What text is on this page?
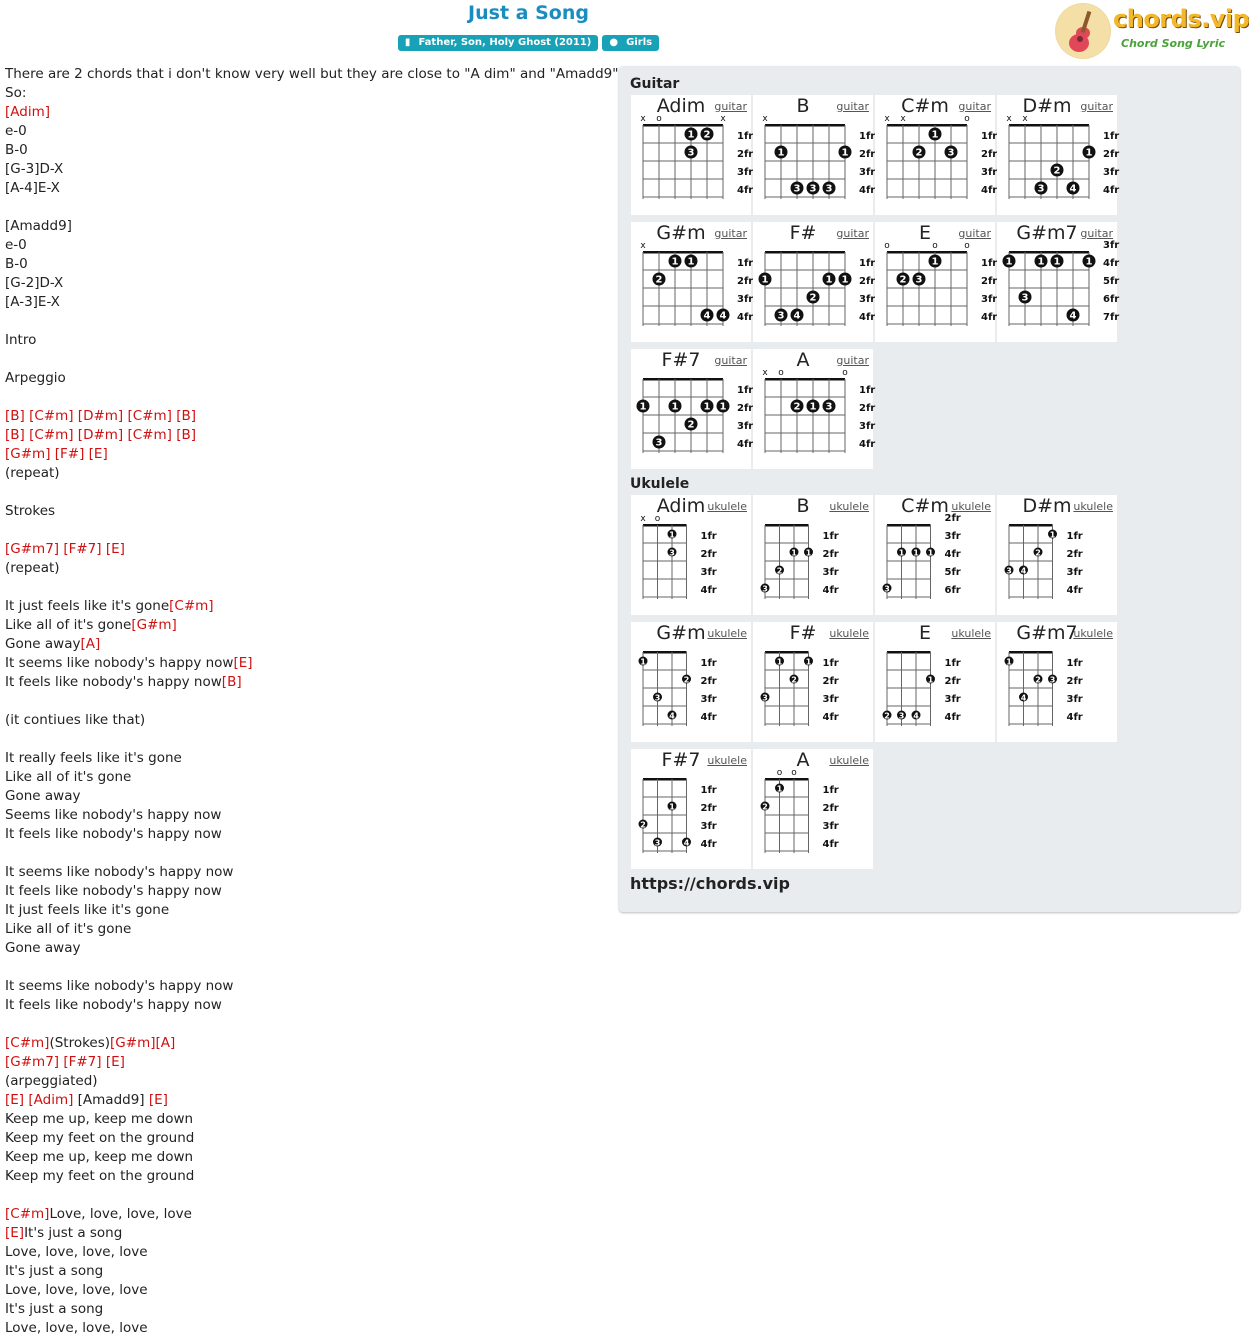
Just a Song
▮ Father, Son, Holy Ghost (2011) ● Girls
chords.vip
Chord Song Lyric
There are 2 chords that i don't know very well but they are close to "A dim" and "Amadd9"
So:
[Adim]
e-0
B-0
[G-3]D-X
[A-4]E-X
[Amadd9]
e-0
B-0
[G-2]D-X
[A-3]E-X
Intro
Arpeggio
[B] [C#m] [D#m] [C#m] [B]
[B] [C#m] [D#m] [C#m] [B]
[G#m] [F#] [E]
(repeat)
Strokes
[G#m7] [F#7] [E]
(repeat)
It just feels like it's gone[C#m]
Like all of it's gone[G#m]
Gone away[A]
It seems like nobody's happy now[E]
It feels like nobody's happy now[B]
(it contiues like that)
It really feels like it's gone
Like all of it's gone
Gone away
Seems like nobody's happy now
It feels like nobody's happy now
It seems like nobody's happy now
It feels like nobody's happy now
It just feels like it's gone
Like all of it's gone
Gone away
It seems like nobody's happy now
It feels like nobody's happy now
[C#m](Strokes)[G#m][A]
[G#m7] [F#7] [E]
(arpeggiated)
[E] [Adim] [Amadd9] [E]
Keep me up, keep me down
Keep my feet on the ground
Keep me up, keep me down
Keep my feet on the ground
[C#m]Love, love, love, love
[E]It's just a song
Love, love, love, love
It's just a song
Love, love, love, love
It's just a song
Love, love, love, love
Guitar
Adim guitar
x o	x
1fr
2fr
3fr
4fr
1 2
3
B	guitar
x
1fr
2fr
3fr
4fr
1	1
3 3 3
C#m guitar
x x	o
1fr
2fr
3fr
4fr
1
2	3
D#m guitar
x x
1fr
2fr
3fr
4fr
1
2
3	4
G#m guitar
x
1fr
2fr
3fr
4fr
1 1
2
4 4
F#	guitar
1fr
2fr
3fr
4fr
1	1 1
2
3 4
E	guitar
o	o	o
1fr
2fr
3fr
4fr
1
2 3
G#m7 guitar
3fr
4fr
5fr
6fr
7fr
1	1 1	1
3
4
F#7	guitar
1fr
2fr
3fr
4fr
1	1	1 1
2
3
A	guitar
x o	o
1fr
2fr
3fr
4fr
2 1 3
Ukulele
Adim ukulele
x o
1fr
2fr
3fr
4fr
1
3
B	ukulele
1fr
2fr
3fr
4fr
1 1
2
3
C#m ukulele
2fr
3fr
4fr
5fr
6fr
1 1 1
3
D#m ukulele
1fr
2fr
3fr
4fr
1
2
3 4
G#m ukulele
1fr
2fr
3fr
4fr
1
2
3
4
F#	ukulele
1fr
2fr
3fr
4fr
1	1
2
3
E	ukulele
1fr
2fr
3fr
4fr
1
2 3 4
G#m7
ukulele
1fr
2fr
3fr
4fr
1
2 3
4
F#7 ukulele
1fr
2fr
3fr
4fr
1
2
3	4
A	ukulele
o o
1fr
2fr
3fr
4fr
1
2
https://chords.vip
